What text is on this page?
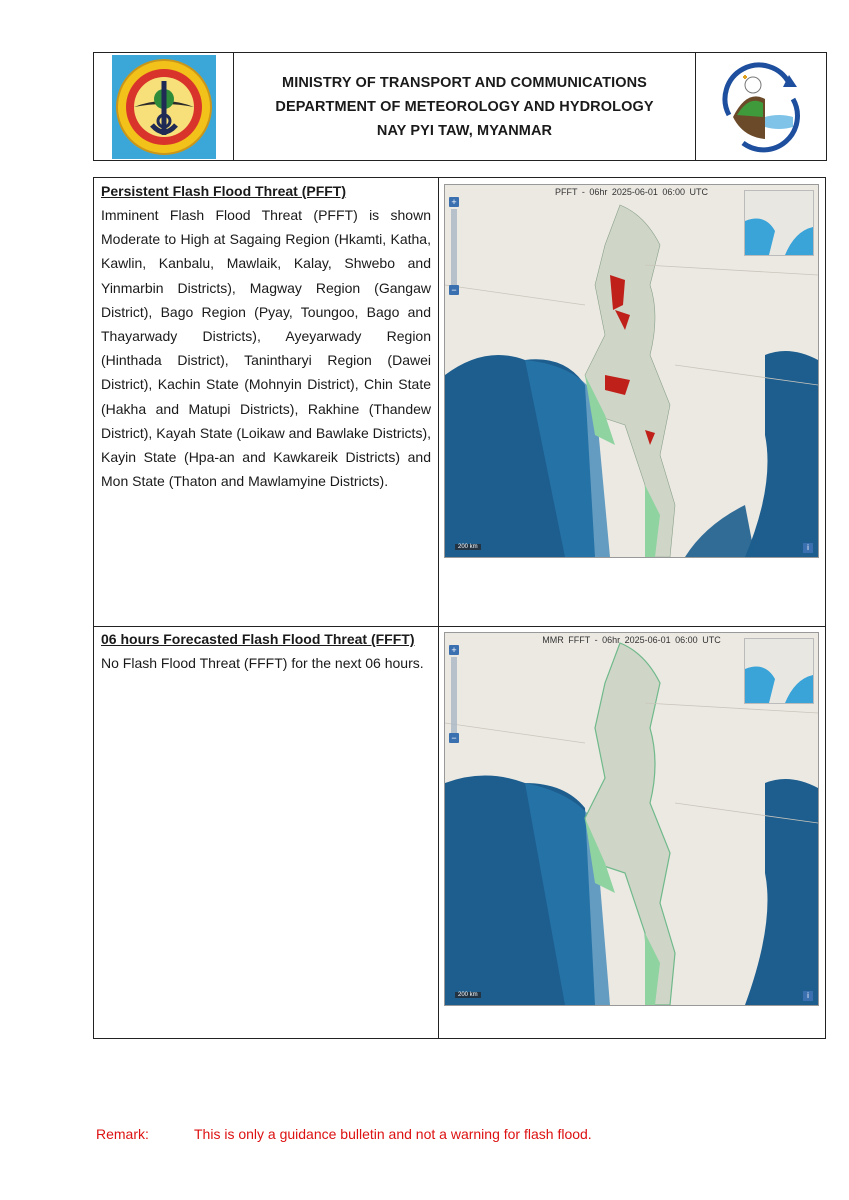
MINISTRY OF TRANSPORT AND COMMUNICATIONS
DEPARTMENT OF METEOROLOGY AND HYDROLOGY
NAY PYI TAW, MYANMAR
Persistent Flash Flood Threat (PFFT)
Imminent Flash Flood Threat (PFFT) is shown Moderate to High at Sagaing Region (Hkamti, Katha, Kawlin, Kanbalu, Mawlaik, Kalay, Shwebo and Yinmarbin Districts), Magway Region (Gangaw District), Bago Region (Pyay, Toungoo, Bago and Thayarwady Districts), Ayeyarwady Region (Hinthada District), Tanintharyi Region (Dawei District), Kachin State (Mohnyin District), Chin State (Hakha and Matupi Districts), Rakhine (Thandew District), Kayah State (Loikaw and Bawlake Districts), Kayin State (Hpa-an and Kawkareik Districts) and Mon State (Thaton and Mawlamyine Districts).
PFFT - 06hr 2025-06-01 06:00 UTC
+
−
200 km	i
06 hours Forecasted Flash Flood Threat (FFFT)
No Flash Flood Threat (FFFT) for the next 06 hours.
MMR FFFT - 06hr 2025-06-01 06:00 UTC
+
−
200 km	i
Remark:	This is only a guidance bulletin and not a warning for flash flood.
